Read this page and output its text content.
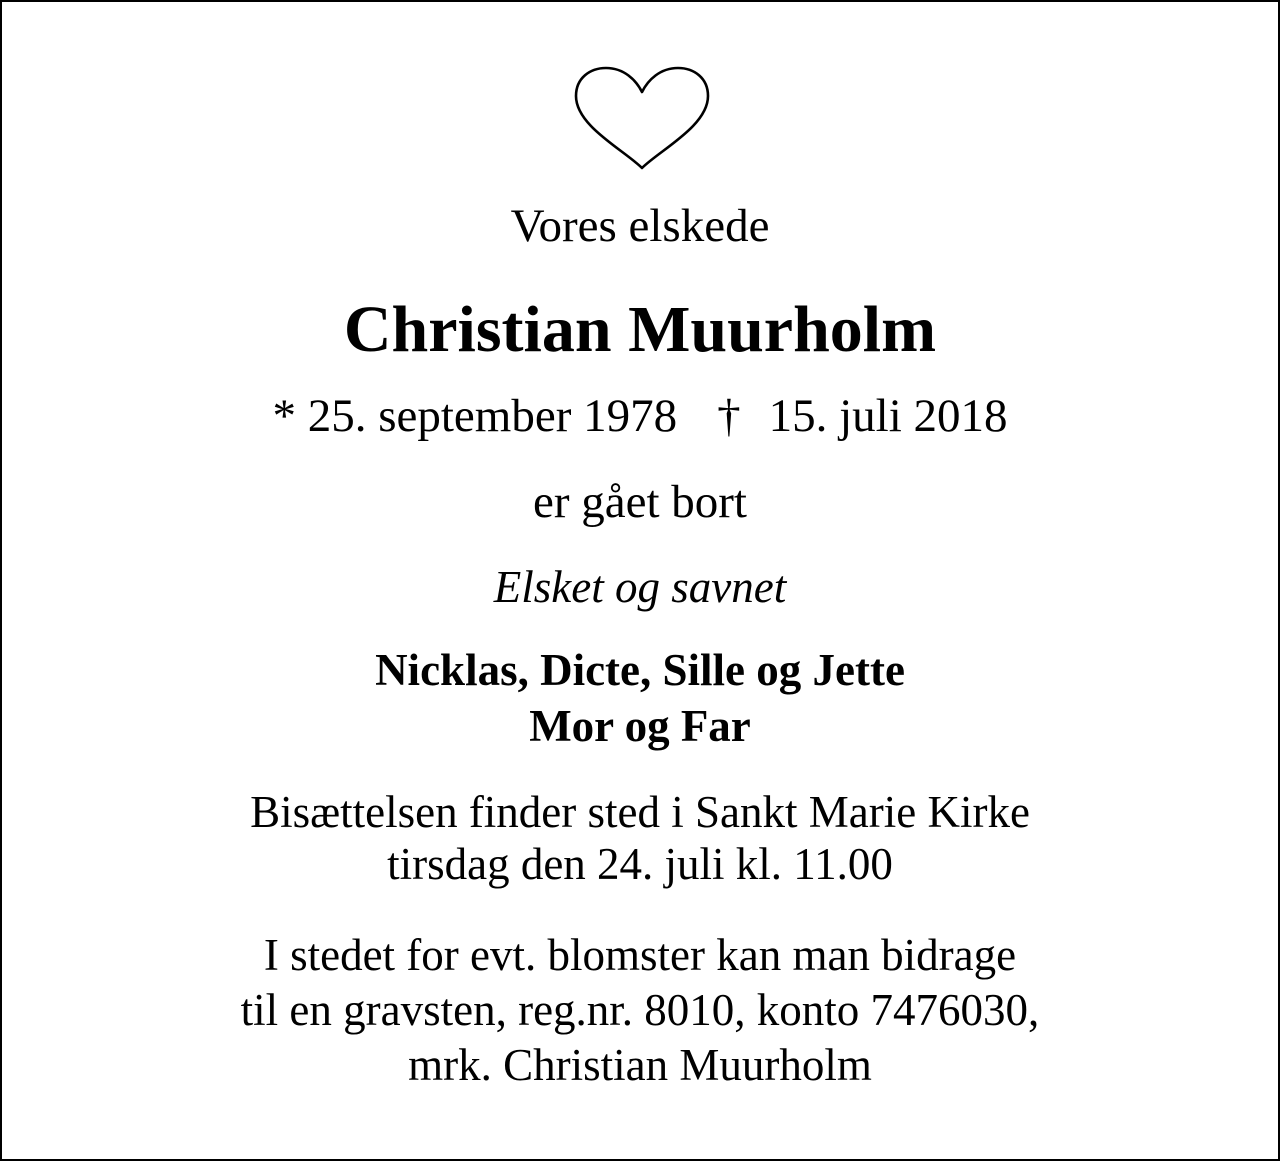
Vores elskede
Christian Muurholm
* 25. september 1978 † 15. juli 2018
er gået bort
Elsket og savnet
Nicklas, Dicte, Sille og Jette
Mor og Far
Bisættelsen finder sted i Sankt Marie Kirke
tirsdag den 24. juli kl. 11.00
I stedet for evt. blomster kan man bidrage
til en gravsten, reg.nr. 8010, konto 7476030,
mrk. Christian Muurholm
